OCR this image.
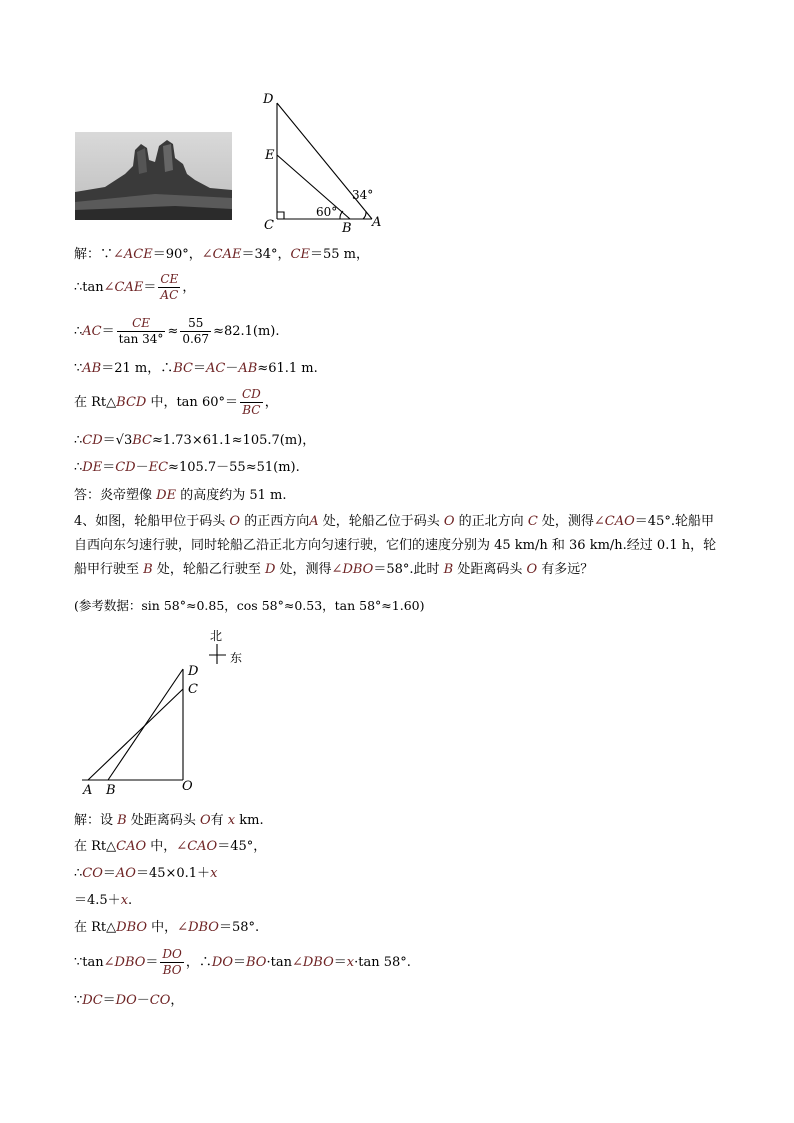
D
E
C	B A
60°
34°
解：∵∠ACE＝90°，∠CAE＝34°，CE＝55 m，
∴tan∠CAE＝ $\frac{CE}{AC}$ ，
∴AC＝ $\frac{CE}{\tan 34^\circ} \approx \frac{55}{0.67} \approx 82.1(m)$.
∵AB＝21 m，∴BC＝AC－AB≈61.1 m.
在 Rt△BCD 中，$\tan 60^\circ= \frac{CD}{BC}$ ，
∴CD＝√3BC≈1.73×61.1≈105.7(m)，
∴DE＝CD－EC≈105.7－55≈51(m).
答：炎帝塑像 DE 的高度约为 51 m.
4、如图，轮船甲位于码头 O 的正西方向A 处，轮船乙位于码头 O 的正北方向 C 处，测得∠CAO＝45°.轮船甲自西向东匀速行驶，同时轮船乙沿正北方向匀速行驶，它们的速度分别为 45 km/h 和 36 km/h.经过 0.1 h，轮船甲行驶至 B 处，轮船乙行驶至 D 处，测得∠DBO＝58°.此时 B 处距离码头 O 有多远？
(参考数据：sin 58°≈0.85，cos 58°≈0.53，tan 58°≈1.60)
北
东
D
C
A B	O
解：设 B 处距离码头 O有 x km.
在 Rt△CAO 中，∠CAO＝45°，
∴CO＝AO＝45×0.1＋x
＝4.5＋x.
在 Rt△DBO 中，∠DBO＝58°.
∵tan∠DBO＝ $\frac{DO}{BO}$ ，∴DO＝BO·tan∠DBO＝x·tan 58°.
∵DC＝DO－CO，
